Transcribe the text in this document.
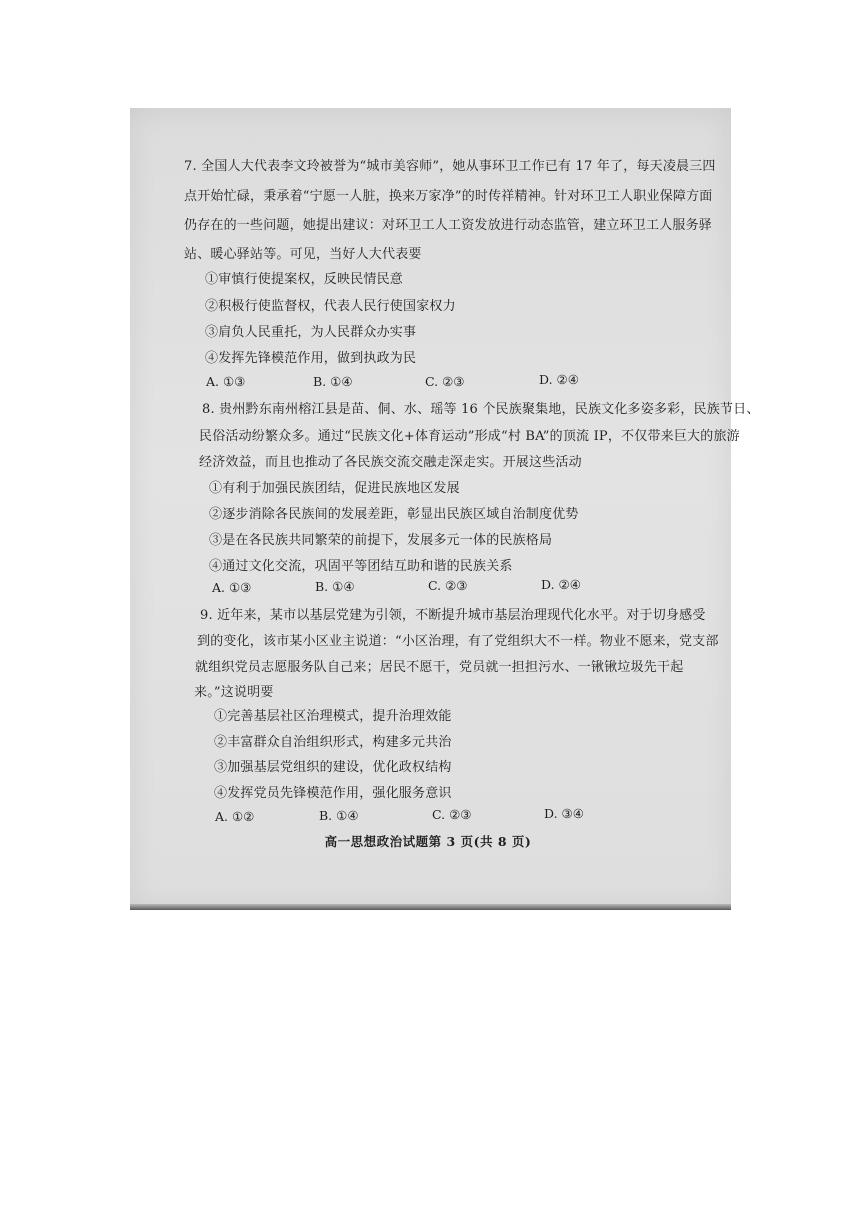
7. 全国人大代表李文玲被誉为“城市美容师”，她从事环卫工作已有 17 年了，每天凌晨三四
点开始忙碌，秉承着“宁愿一人脏，换来万家净”的时传祥精神。针对环卫工人职业保障方面
仍存在的一些问题，她提出建议：对环卫工人工资发放进行动态监管，建立环卫工人服务驿
站、暖心驿站等。可见，当好人大代表要
①审慎行使提案权，反映民情民意
②积极行使监督权，代表人民行使国家权力
③肩负人民重托，为人民群众办实事
④发挥先锋模范作用，做到执政为民
A. ①③	B. ①④	C. ②③	D. ②④
8. 贵州黔东南州榕江县是苗、侗、水、瑶等 16 个民族聚集地，民族文化多姿多彩，民族节日、
民俗活动纷繁众多。通过“民族文化+体育运动”形成“村 BA”的顶流 IP，不仅带来巨大的旅游
经济效益，而且也推动了各民族交流交融走深走实。开展这些活动
①有利于加强民族团结，促进民族地区发展
②逐步消除各民族间的发展差距，彰显出民族区域自治制度优势
③是在各民族共同繁荣的前提下，发展多元一体的民族格局
④通过文化交流，巩固平等团结互助和谐的民族关系
A. ①③	B. ①④	C. ②③	D. ②④
9. 近年来，某市以基层党建为引领，不断提升城市基层治理现代化水平。对于切身感受
到的变化，该市某小区业主说道：“小区治理，有了党组织大不一样。物业不愿来，党支部
就组织党员志愿服务队自己来；居民不愿干，党员就一担担污水、一锹锹垃圾先干起
来。”这说明要
①完善基层社区治理模式，提升治理效能
②丰富群众自治组织形式，构建多元共治
③加强基层党组织的建设，优化政权结构
④发挥党员先锋模范作用，强化服务意识
A. ①②	B. ①④	C. ②③	D. ③④
高一思想政治试题第 3 页(共 8 页)
